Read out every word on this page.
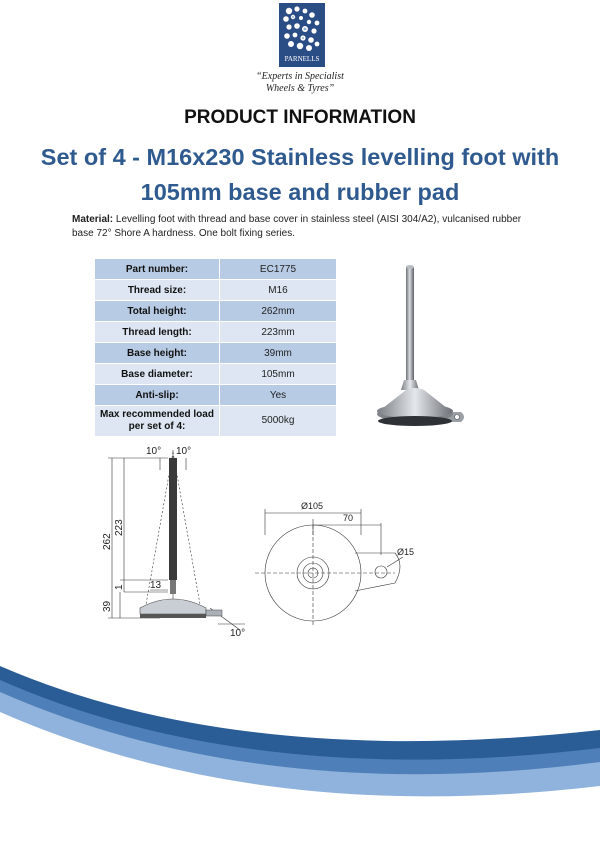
PARNELLS
“Experts in Specialist
Wheels & Tyres”
PRODUCT INFORMATION
Set of 4 - M16x230 Stainless levelling foot with
105mm base and rubber pad
Material: Levelling foot with thread and base cover in stainless steel (AISI 304/A2), vulcanised rubber base 72° Shore A hardness. One bolt fixing series.
Part number:	EC1775
Thread size:	M16
Total height:	262mm
Thread length:	223mm
Base height:	39mm
Base diameter:	105mm
Anti-slip:	Yes
Max recommended load per set of 4:	5000kg
10° 10°
262
223
1	13
39
10°
Ø105
70
Ø15
